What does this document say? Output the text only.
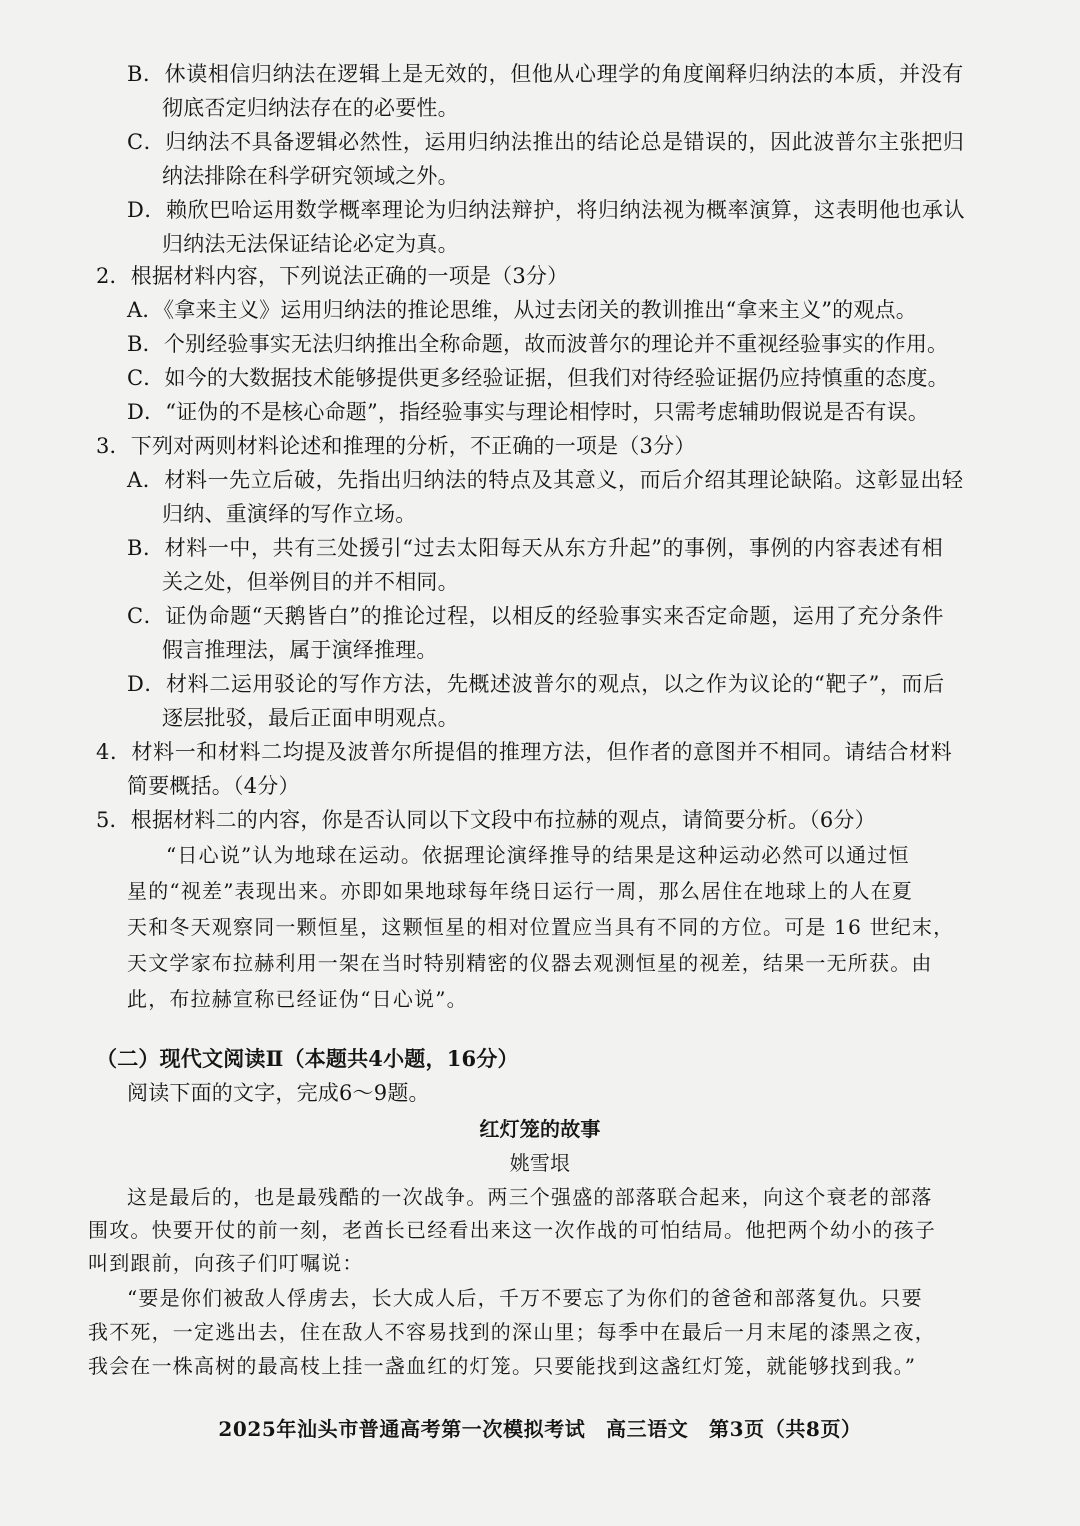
B．休谟相信归纳法在逻辑上是无效的，但他从心理学的角度阐释归纳法的本质，并没有
彻底否定归纳法存在的必要性。
C．归纳法不具备逻辑必然性，运用归纳法推出的结论总是错误的，因此波普尔主张把归
纳法排除在科学研究领域之外。
D．赖欣巴哈运用数学概率理论为归纳法辩护，将归纳法视为概率演算，这表明他也承认
归纳法无法保证结论必定为真。
2．根据材料内容，下列说法正确的一项是（3分）
A．《拿来主义》运用归纳法的推论思维，从过去闭关的教训推出“拿来主义”的观点。
B．个别经验事实无法归纳推出全称命题，故而波普尔的理论并不重视经验事实的作用。
C．如今的大数据技术能够提供更多经验证据，但我们对待经验证据仍应持慎重的态度。
D．“证伪的不是核心命题”，指经验事实与理论相悖时，只需考虑辅助假说是否有误。
3．下列对两则材料论述和推理的分析，不正确的一项是（3分）
A．材料一先立后破，先指出归纳法的特点及其意义，而后介绍其理论缺陷。这彰显出轻
归纳、重演绎的写作立场。
B．材料一中，共有三处援引“过去太阳每天从东方升起”的事例，事例的内容表述有相
关之处，但举例目的并不相同。
C．证伪命题“天鹅皆白”的推论过程，以相反的经验事实来否定命题，运用了充分条件
假言推理法，属于演绎推理。
D．材料二运用驳论的写作方法，先概述波普尔的观点，以之作为议论的“靶子”，而后
逐层批驳，最后正面申明观点。
4．材料一和材料二均提及波普尔所提倡的推理方法，但作者的意图并不相同。请结合材料
简要概括。（4分）
5．根据材料二的内容，你是否认同以下文段中布拉赫的观点，请简要分析。（6分）
“日心说”认为地球在运动。依据理论演绎推导的结果是这种运动必然可以通过恒
星的“视差”表现出来。亦即如果地球每年绕日运行一周，那么居住在地球上的人在夏
天和冬天观察同一颗恒星，这颗恒星的相对位置应当具有不同的方位。可是 16 世纪末，
天文学家布拉赫利用一架在当时特别精密的仪器去观测恒星的视差，结果一无所获。由
此，布拉赫宣称已经证伪“日心说”。
（二）现代文阅读Ⅱ（本题共4小题，16分）
阅读下面的文字，完成6～9题。
红灯笼的故事
姚雪垠
这是最后的，也是最残酷的一次战争。两三个强盛的部落联合起来，向这个衰老的部落
围攻。快要开仗的前一刻，老酋长已经看出来这一次作战的可怕结局。他把两个幼小的孩子
叫到跟前，向孩子们叮嘱说：
“要是你们被敌人俘虏去，长大成人后，千万不要忘了为你们的爸爸和部落复仇。只要
我不死，一定逃出去，住在敌人不容易找到的深山里；每季中在最后一月末尾的漆黑之夜，
我会在一株高树的最高枝上挂一盏血红的灯笼。只要能找到这盏红灯笼，就能够找到我。”
2025年汕头市普通高考第一次模拟考试　高三语文　第3页（共8页）
